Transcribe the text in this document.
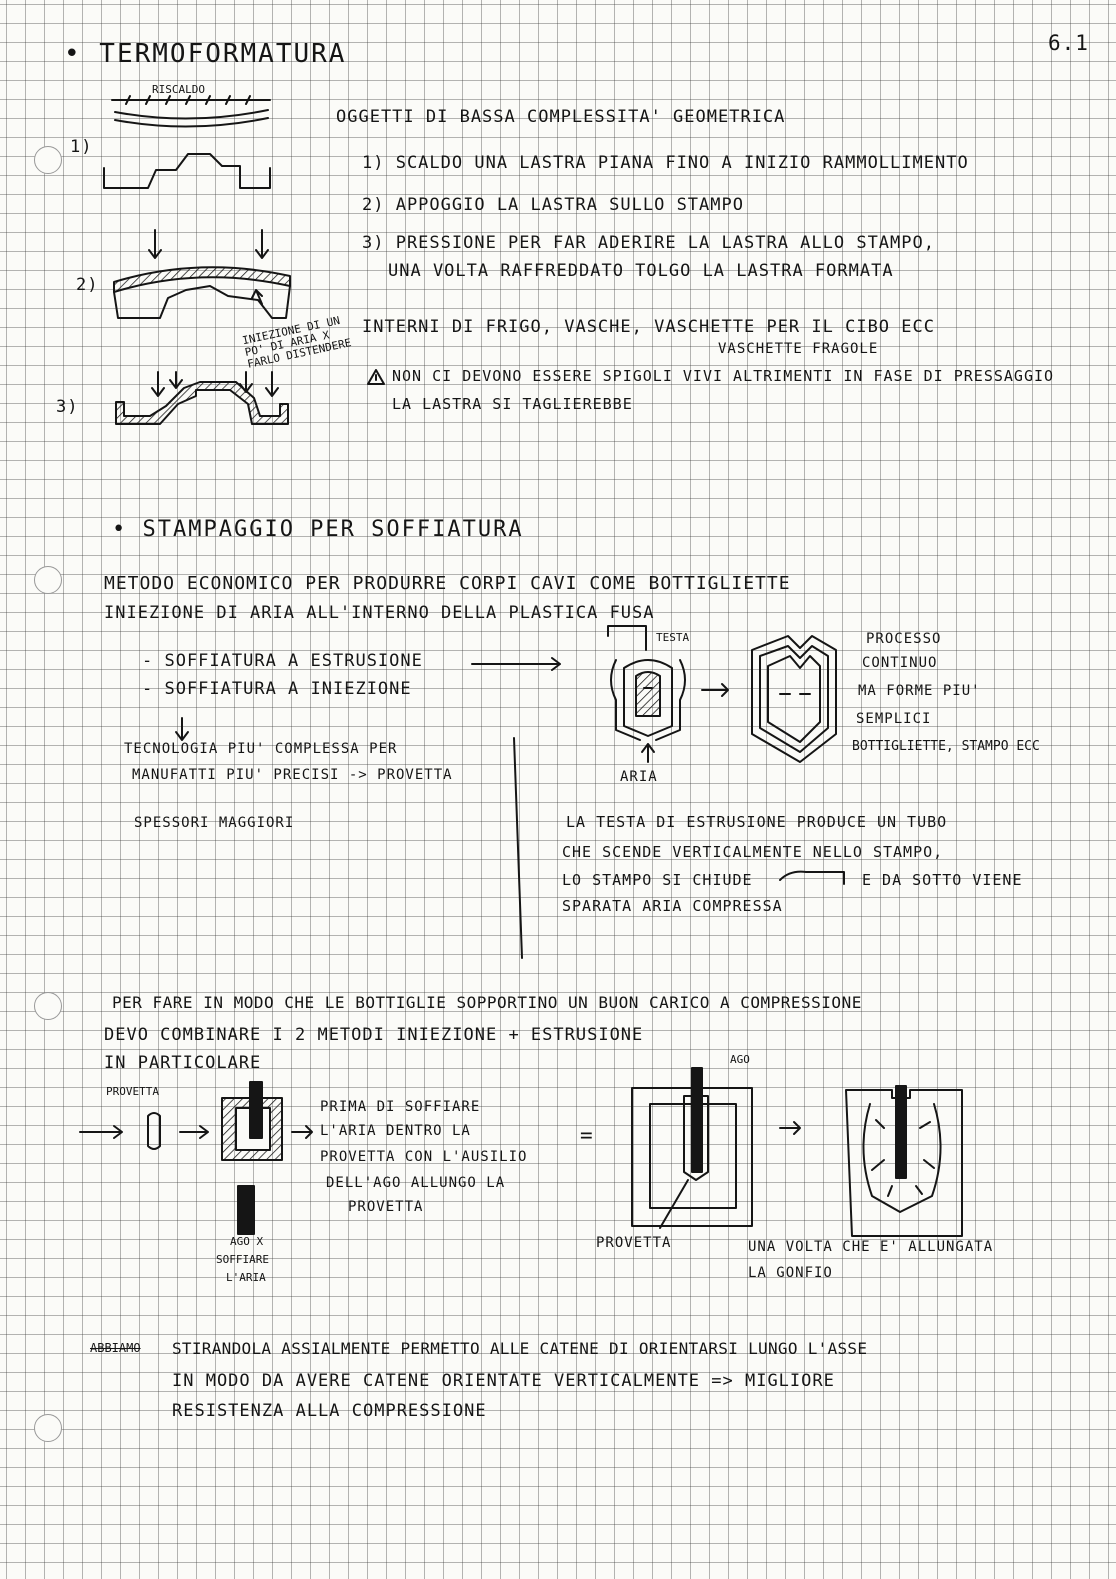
6.1
• TERMOFORMATURA
RISCALDO
1)
2)
3)
INIEZIONE DI UN PO' DI ARIA X FARLO DISTENDERE
OGGETTI DI BASSA COMPLESSITA' GEOMETRICA
1) SCALDO UNA LASTRA PIANA FINO A INIZIO RAMMOLLIMENTO
2) APPOGGIO LA LASTRA SULLO STAMPO
3) PRESSIONE PER FAR ADERIRE LA LASTRA ALLO STAMPO,
UNA VOLTA RAFFREDDATO TOLGO LA LASTRA FORMATA
INTERNI DI FRIGO, VASCHE, VASCHETTE PER IL CIBO ECC
VASCHETTE FRAGOLE
NON CI DEVONO ESSERE SPIGOLI VIVI ALTRIMENTI IN FASE DI PRESSAGGIO
LA LASTRA SI TAGLIEREBBE
• STAMPAGGIO PER SOFFIATURA
METODO ECONOMICO PER PRODURRE CORPI CAVI COME BOTTIGLIETTE
INIEZIONE DI ARIA ALL'INTERNO DELLA PLASTICA FUSA
- SOFFIATURA A ESTRUSIONE
- SOFFIATURA A INIEZIONE
TECNOLOGIA PIU' COMPLESSA PER
MANUFATTI PIU' PRECISI -> PROVETTA
SPESSORI MAGGIORI
TESTA
ARIA
PROCESSO
CONTINUO
MA FORME PIU'
SEMPLICI
BOTTIGLIETTE, STAMPO ECC
LA TESTA DI ESTRUSIONE PRODUCE UN TUBO
CHE SCENDE VERTICALMENTE NELLO STAMPO,
LO STAMPO SI CHIUDE	E DA SOTTO VIENE
SPARATA ARIA COMPRESSA
PER FARE IN MODO CHE LE BOTTIGLIE SOPPORTINO UN BUON CARICO A COMPRESSIONE
DEVO COMBINARE I 2 METODI INIEZIONE + ESTRUSIONE
IN PARTICOLARE
PROVETTA
AGO X
SOFFIARE
L'ARIA
PRIMA DI SOFFIARE
L'ARIA DENTRO LA
PROVETTA CON L'AUSILIO
DELL'AGO ALLUNGO LA
PROVETTA
=
AGO
PROVETTA	UNA VOLTA CHE E' ALLUNGATA
LA GONFIO
ABBIAMO STIRANDOLA ASSIALMENTE PERMETTO ALLE CATENE DI ORIENTARSI LUNGO L'ASSE
IN MODO DA AVERE CATENE ORIENTATE VERTICALMENTE => MIGLIORE
RESISTENZA ALLA COMPRESSIONE
